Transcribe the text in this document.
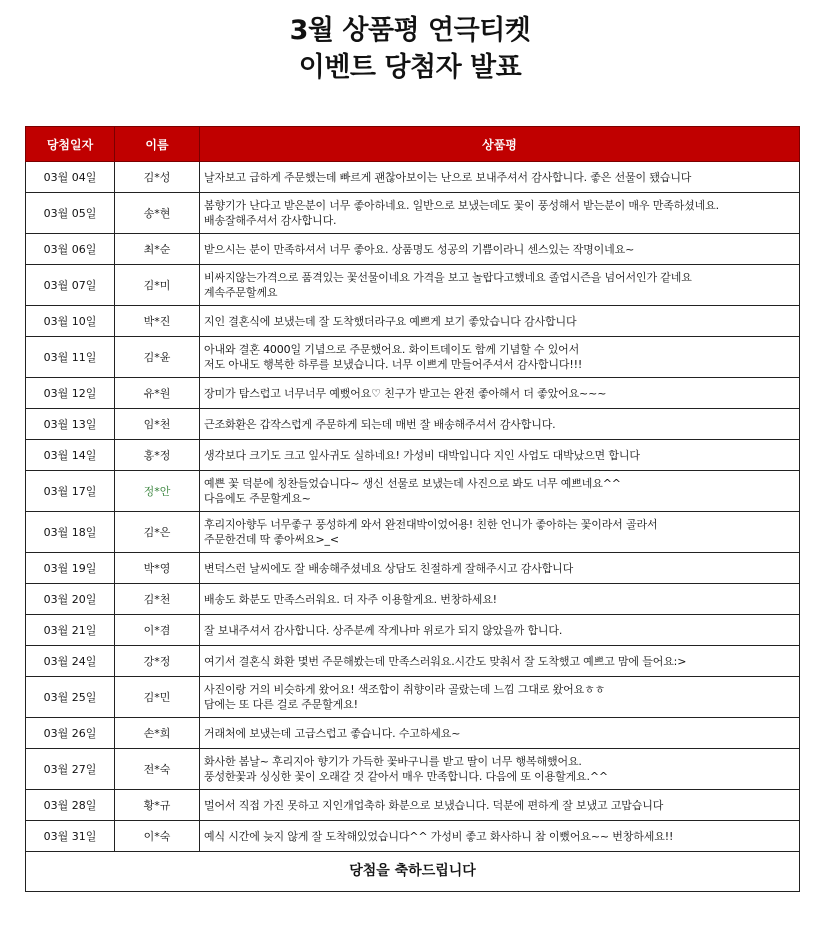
3월 상품평 연극티켓
이벤트 당첨자 발표
당첨일자	이름	상품평
03월 04일	김*성	날자보고 급하게 주문했는데 빠르게 괜찮아보이는 난으로 보내주셔서 감사합니다. 좋은 선물이 됐습니다
03월 05일	송*현	봄향기가 난다고 받은분이 너무 좋아하네요. 일반으로 보냈는데도 꽃이 풍성해서 받는분이 매우 만족하셨네요.
배송잘해주셔서 감사합니다.
03월 06일	최*순	받으시는 분이 만족하셔서 너무 좋아요. 상품명도 성공의 기쁨이라니 센스있는 작명이네요~
03월 07일	김*미	비싸지않는가격으로 품격있는 꽃선물이네요 가격을 보고 놀랍다고했네요 졸업시즌을 넘어서인가 같네요
계속주문할께요
03월 10일	박*진	지인 결혼식에 보냈는데 잘 도착했더라구요 예쁘게 보기 좋았습니다 감사합니다
03월 11일	김*윤	아내와 결혼 4000일 기념으로 주문했어요. 화이트데이도 함께 기념할 수 있어서
저도 아내도 행복한 하루를 보냈습니다. 너무 이쁘게 만들어주셔서 감사합니다!!!
03월 12일	유*원	장미가 탐스럽고 너무너무 예뻤어요♡ 친구가 받고는 완전 좋아해서 더 좋았어요~~~
03월 13일	임*천	근조화환은 갑작스럽게 주문하게 되는데 매번 잘 배송해주셔서 감사합니다.
03월 14일	홍*정	생각보다 크기도 크고 잎사귀도 실하네요! 가성비 대박입니다 지인 사업도 대박났으면 합니다
03월 17일	정*안	예쁜 꽃 덕분에 칭찬들었습니다~ 생신 선물로 보냈는데 사진으로 봐도 너무 예쁘네요^^
다음에도 주문할게요~
03월 18일	김*은	후리지아향두 너무좋구 풍성하게 와서 완전대박이었어용! 친한 언니가 좋아하는 꽃이라서 골라서
주문한건데 딱 좋아써요>_<
03월 19일	박*영	변덕스런 날씨에도 잘 배송해주셨네요 상담도 친절하게 잘해주시고 감사합니다
03월 20일	김*천	배송도 화분도 만족스러워요. 더 자주 이용할게요. 번창하세요!
03월 21일	이*겸	잘 보내주셔서 감사합니다. 상주분께 작게나마 위로가 되지 않았을까 합니다.
03월 24일	강*정	여기서 결혼식 화환 몇번 주문해봤는데 만족스러워요.시간도 맞춰서 잘 도착했고 예쁘고 맘에 들어요:>
03월 25일	김*민	사진이랑 거의 비슷하게 왔어요! 색조합이 취향이라 골랐는데 느낌 그대로 왔어요ㅎㅎ
담에는 또 다른 걸로 주문할게요!
03월 26일	손*희	거래처에 보냈는데 고급스럽고 좋습니다. 수고하세요~
03월 27일	전*숙	화사한 봄날~ 후리지아 향기가 가득한 꽃바구니를 받고 딸이 너무 행복해했어요.
풍성한꽃과 싱싱한 꽃이 오래갈 것 같아서 매우 만족합니다. 다음에 또 이용할게요.^^
03월 28일	황*규	멀어서 직접 가진 못하고 지인개업축하 화분으로 보냈습니다. 덕분에 편하게 잘 보냈고 고맙습니다
03월 31일	이*숙	예식 시간에 늦지 않게 잘 도착해있었습니다^^ 가성비 좋고 화사하니 참 이뻤어요~~ 번창하세요!!
당첨을 축하드립니다		
